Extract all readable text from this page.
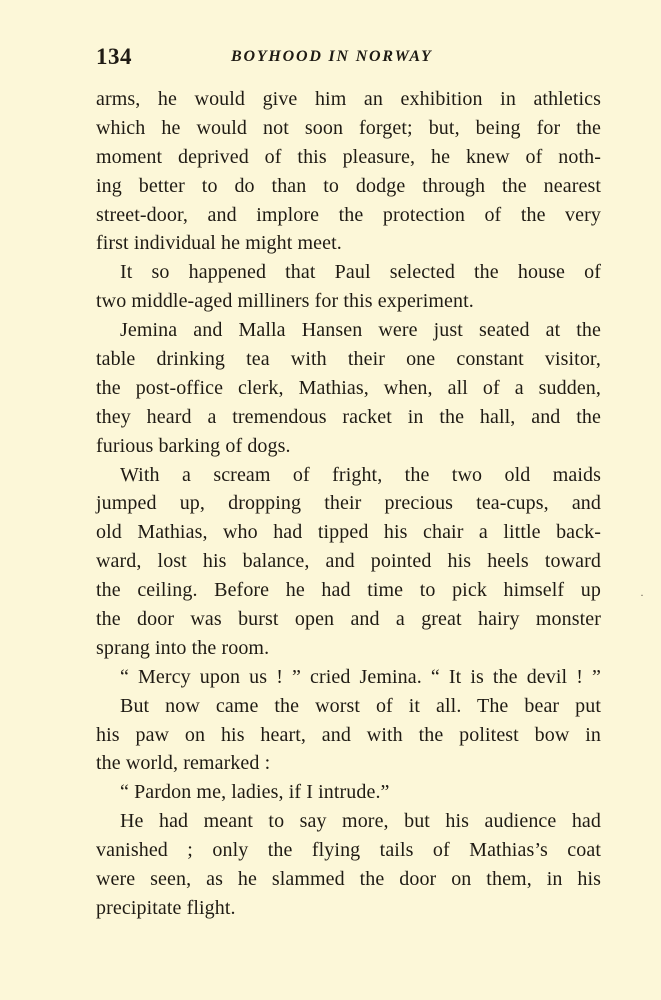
134	BOYHOOD IN NORWAY
arms, he would give him an exhibition in athletics
which he would not soon forget; but, being for the
moment deprived of this pleasure, he knew of noth-
ing better to do than to dodge through the nearest
street-door, and implore the protection of the very
first individual he might meet.
It so happened that Paul selected the house of
two middle-aged milliners for this experiment.
Jemina and Malla Hansen were just seated at the
table drinking tea with their one constant visitor,
the post-office clerk, Mathias, when, all of a sudden,
they heard a tremendous racket in the hall, and the
furious barking of dogs.
With a scream of fright, the two old maids
jumped up, dropping their precious tea-cups, and
old Mathias, who had tipped his chair a little back-
ward, lost his balance, and pointed his heels toward
the ceiling. Before he had time to pick himself up
the door was burst open and a great hairy monster
sprang into the room.
“ Mercy upon us ! ” cried Jemina. “ It is the devil ! ”
But now came the worst of it all. The bear put
his paw on his heart, and with the politest bow in
the world, remarked :
“ Pardon me, ladies, if I intrude.”
He had meant to say more, but his audience had
vanished ; only the flying tails of Mathias’s coat
were seen, as he slammed the door on them, in his
precipitate flight.
·
